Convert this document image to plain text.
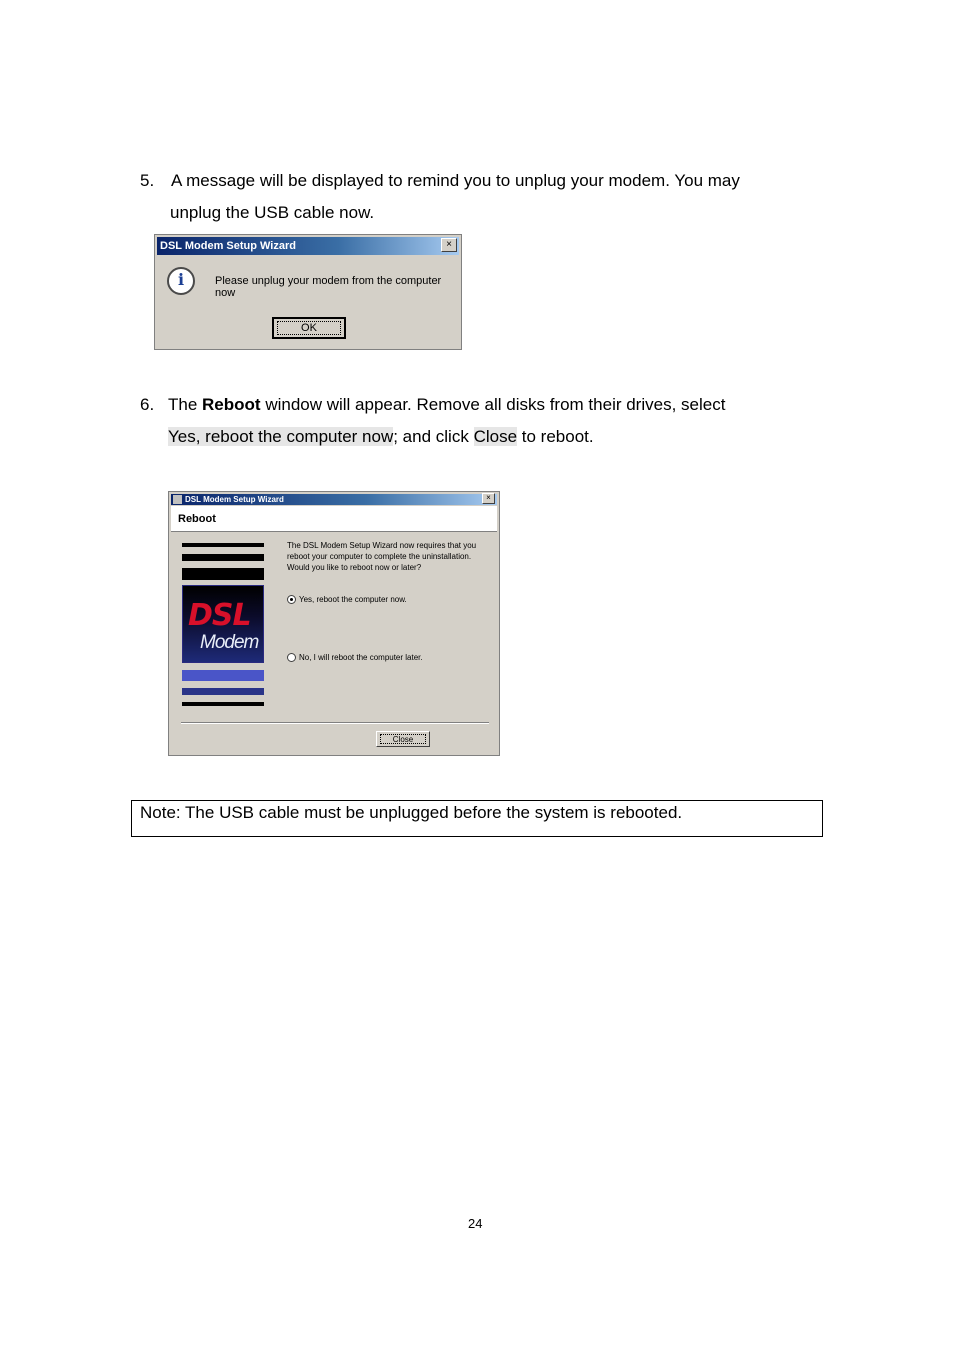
5. A message will be displayed to remind you to unplug your modem. You may
unplug the USB cable now.
DSL Modem Setup Wizard	×
i	Please unplug your modem from the computer now
OK
6. The Reboot window will appear. Remove all disks from their drives, select
Yes, reboot the computer now; and click Close to reboot.
DSL Modem Setup Wizard	×
Reboot
DSL
Modem
The DSL Modem Setup Wizard now requires that you reboot your computer to complete the uninstallation. Would you like to reboot now or later?
Yes, reboot the computer now.
No, I will reboot the computer later.
Close
Note: The USB cable must be unplugged before the system is rebooted.
24
